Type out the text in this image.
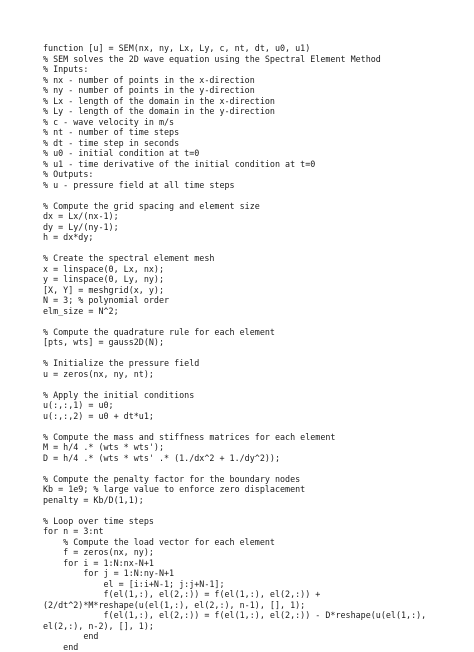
function [u] = SEM(nx, ny, Lx, Ly, c, nt, dt, u0, u1)
% SEM solves the 2D wave equation using the Spectral Element Method
% Inputs:
% nx - number of points in the x-direction
% ny - number of points in the y-direction
% Lx - length of the domain in the x-direction
% Ly - length of the domain in the y-direction
% c - wave velocity in m/s
% nt - number of time steps
% dt - time step in seconds
% u0 - initial condition at t=0
% u1 - time derivative of the initial condition at t=0
% Outputs:
% u - pressure field at all time steps
% Compute the grid spacing and element size
dx = Lx/(nx-1);
dy = Ly/(ny-1);
h = dx*dy;
% Create the spectral element mesh
x = linspace(0, Lx, nx);
y = linspace(0, Ly, ny);
[X, Y] = meshgrid(x, y);
N = 3; % polynomial order
elm_size = N^2;
% Compute the quadrature rule for each element
[pts, wts] = gauss2D(N);
% Initialize the pressure field
u = zeros(nx, ny, nt);
% Apply the initial conditions
u(:,:,1) = u0;
u(:,:,2) = u0 + dt*u1;
% Compute the mass and stiffness matrices for each element
M = h/4 .* (wts * wts');
D = h/4 .* (wts * wts' .* (1./dx^2 + 1./dy^2));
% Compute the penalty factor for the boundary nodes
Kb = 1e9; % large value to enforce zero displacement
penalty = Kb/D(1,1);
% Loop over time steps
for n = 3:nt
% Compute the load vector for each element
f = zeros(nx, ny);
for i = 1:N:nx-N+1
for j = 1:N:ny-N+1
el = [i:i+N-1; j:j+N-1];
f(el(1,:), el(2,:)) = f(el(1,:), el(2,:)) +
(2/dt^2)*M*reshape(u(el(1,:), el(2,:), n-1), [], 1);
f(el(1,:), el(2,:)) = f(el(1,:), el(2,:)) - D*reshape(u(el(1,:),
el(2,:), n-2), [], 1);
end
end
